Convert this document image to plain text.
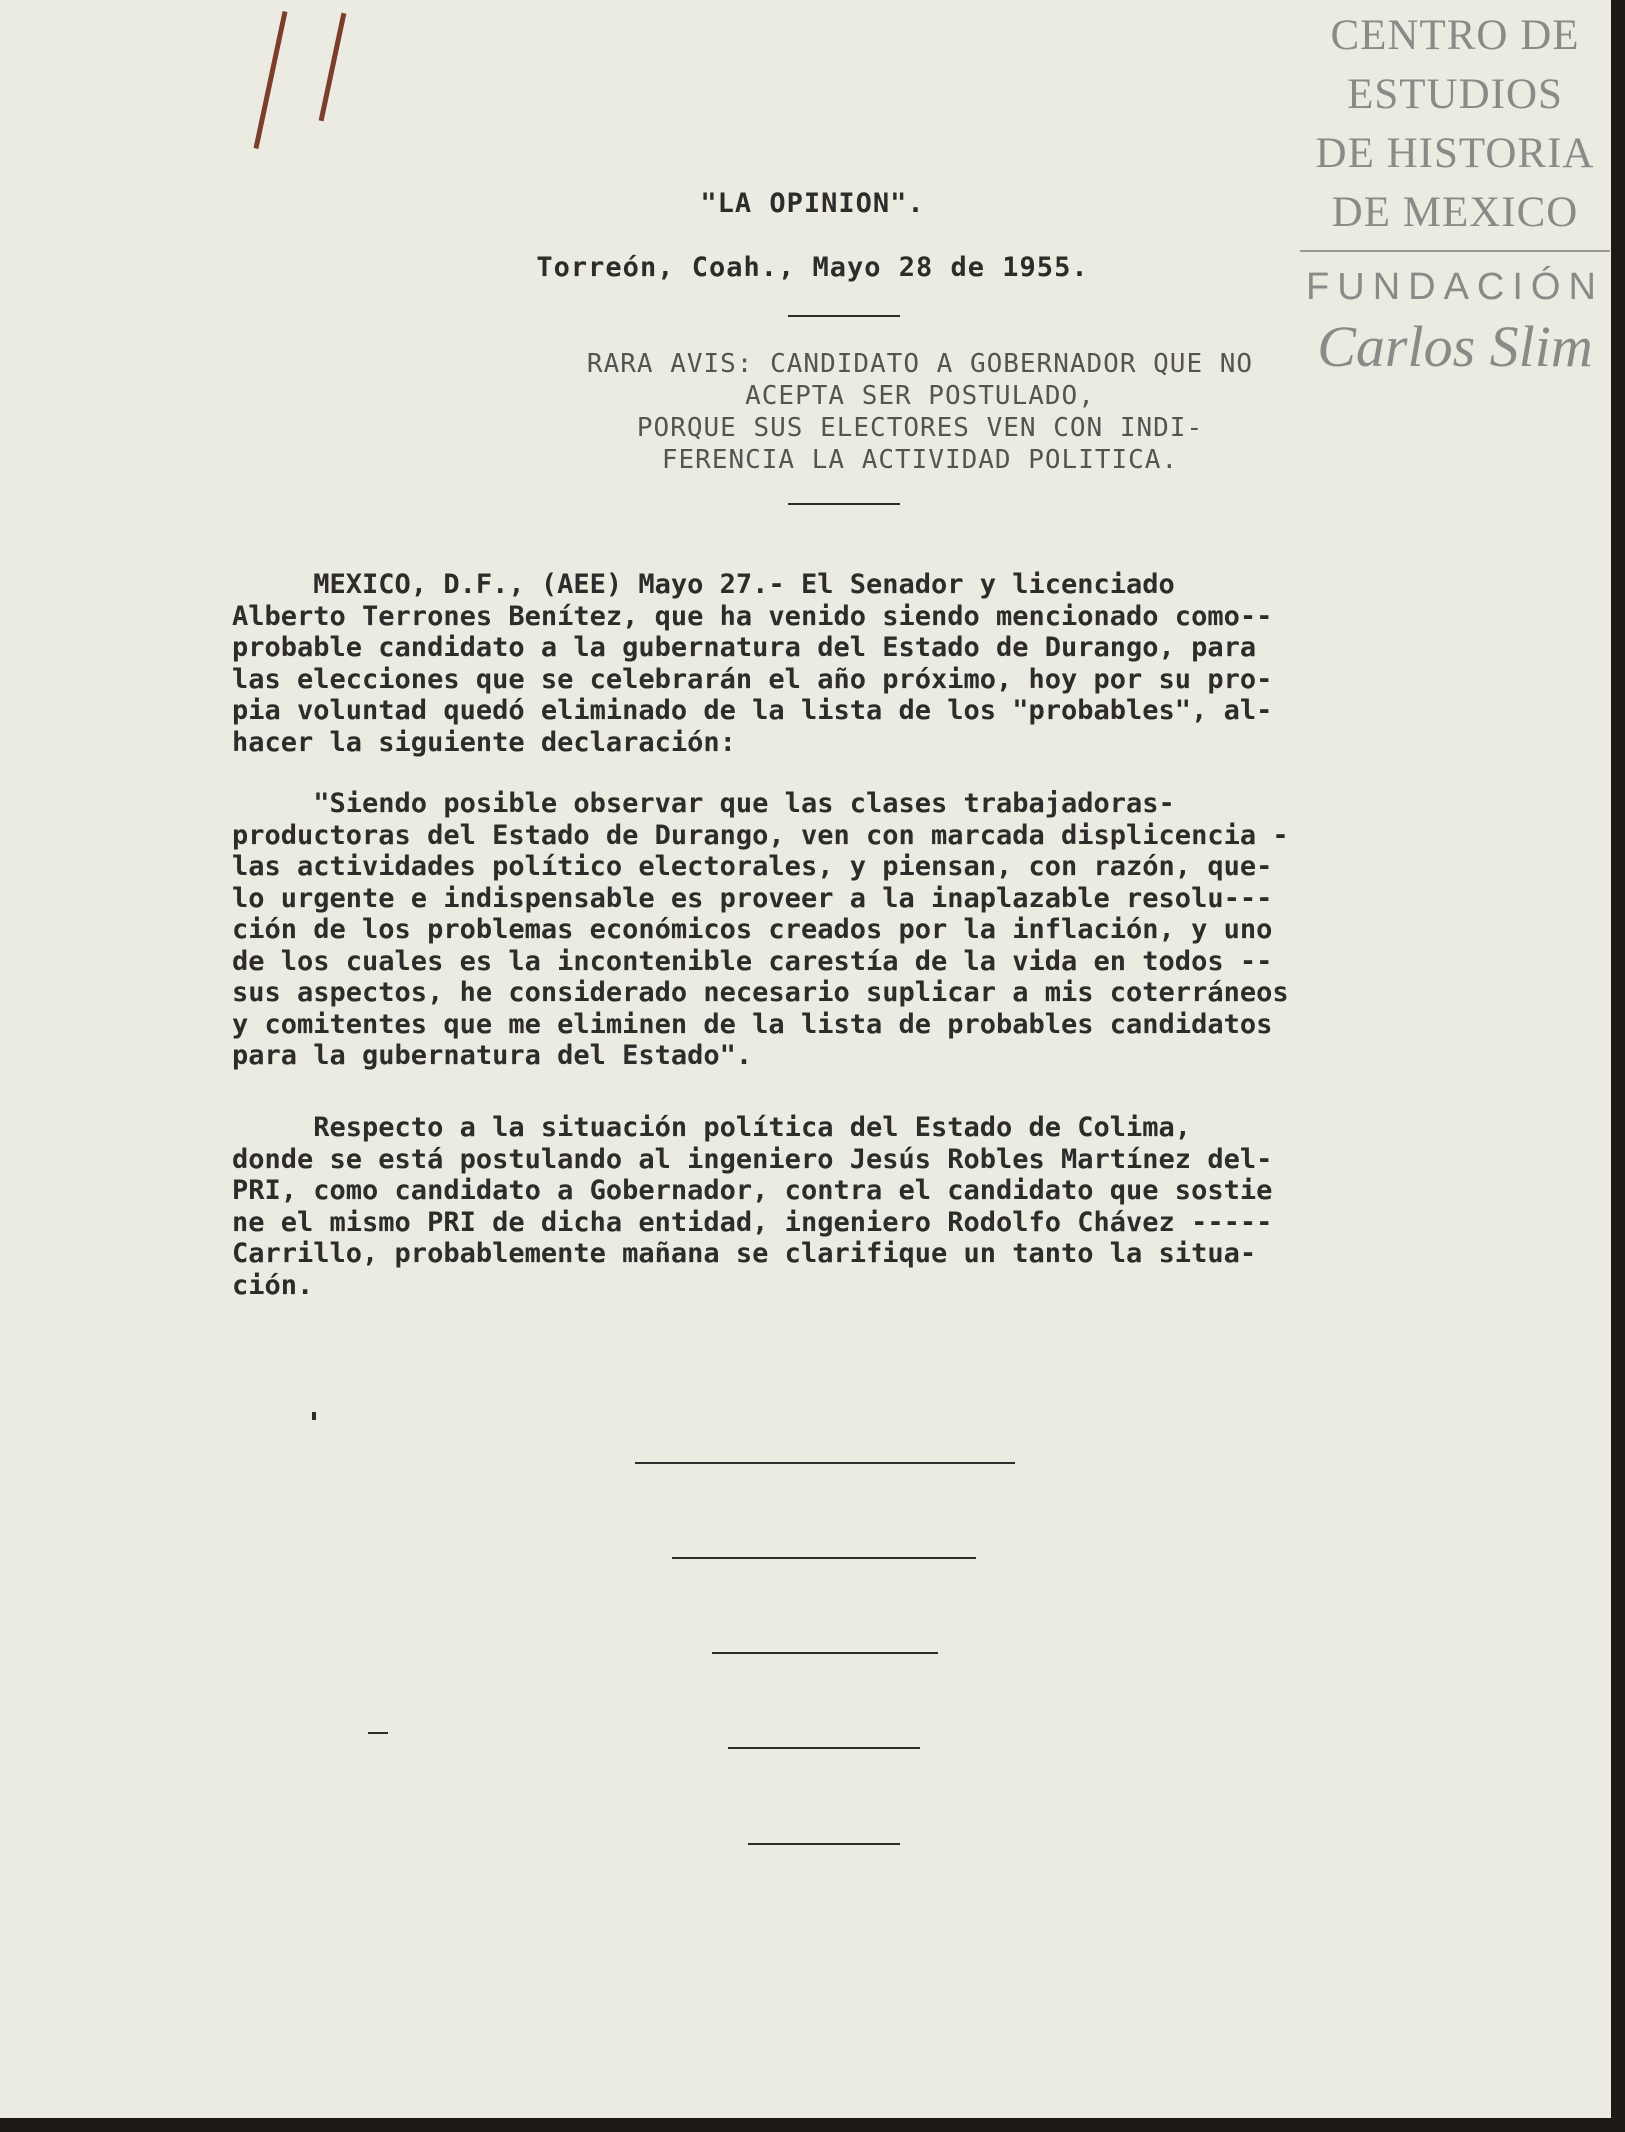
CENTRO DE
ESTUDIOS
DE HISTORIA
DE MEXICO
FUNDACIÓN
Carlos Slim
"LA OPINION".
Torreón, Coah., Mayo 28 de 1955.
RARA AVIS: CANDIDATO A GOBERNADOR QUE NO
ACEPTA SER POSTULADO,
PORQUE SUS ELECTORES VEN CON INDI-
FERENCIA LA ACTIVIDAD POLITICA.
MEXICO, D.F., (AEE) Mayo 27.- El Senador y licenciado
Alberto Terrones Benítez, que ha venido siendo mencionado como--
probable candidato a la gubernatura del Estado de Durango, para
las elecciones que se celebrarán el año próximo, hoy por su pro-
pia voluntad quedó eliminado de la lista de los "probables", al-
hacer la siguiente declaración:
"Siendo posible observar que las clases trabajadoras-
productoras del Estado de Durango, ven con marcada displicencia -
las actividades político electorales, y piensan, con razón, que-
lo urgente e indispensable es proveer a la inaplazable resolu---
ción de los problemas económicos creados por la inflación, y uno
de los cuales es la incontenible carestía de la vida en todos --
sus aspectos, he considerado necesario suplicar a mis coterráneos
y comitentes que me eliminen de la lista de probables candidatos
para la gubernatura del Estado".
Respecto a la situación política del Estado de Colima,
donde se está postulando al ingeniero Jesús Robles Martínez del-
PRI, como candidato a Gobernador, contra el candidato que sostie
ne el mismo PRI de dicha entidad, ingeniero Rodolfo Chávez -----
Carrillo, probablemente mañana se clarifique un tanto la situa-
ción.
